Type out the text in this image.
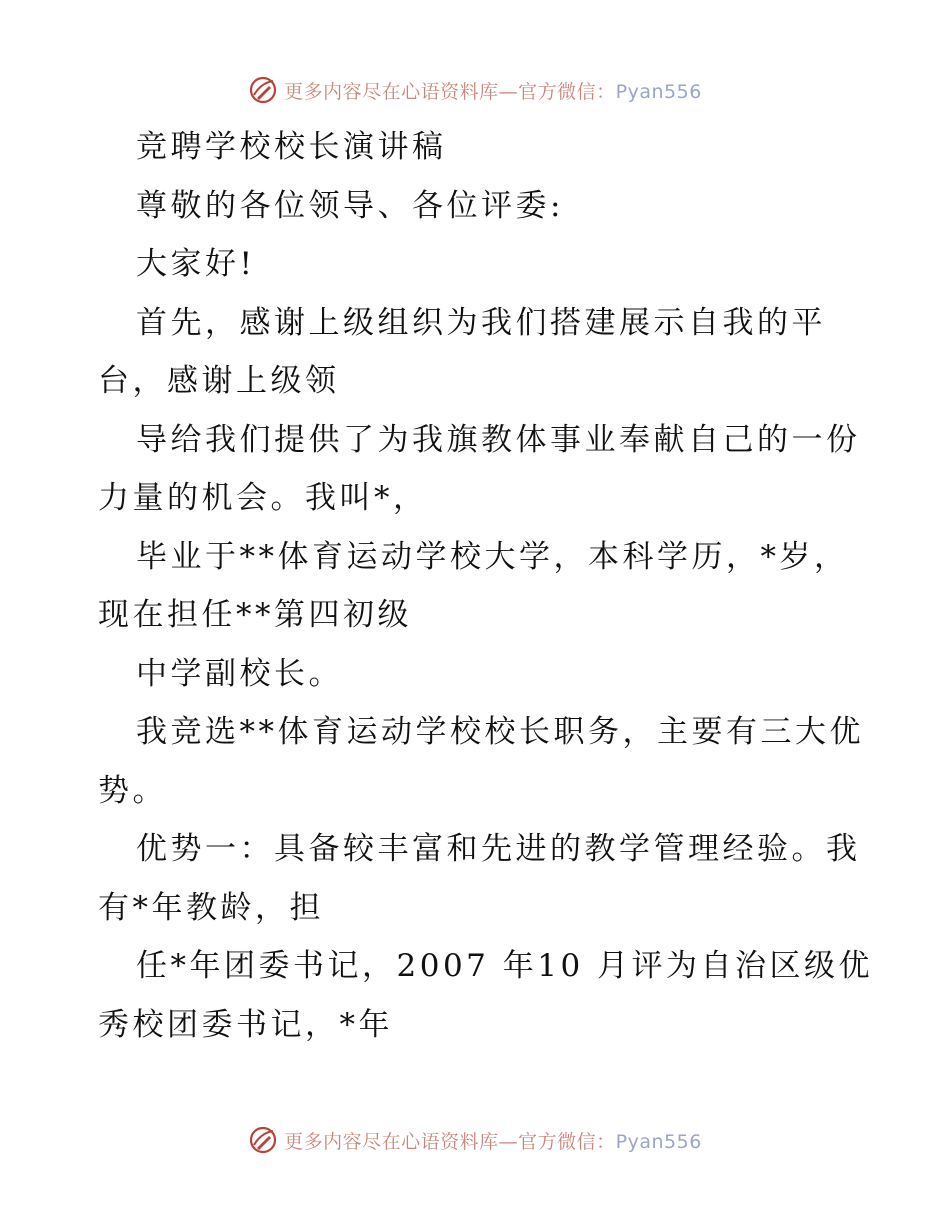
更多内容尽在心语资料库—官方微信：Pyan556

竞聘学校校长演讲稿

尊敬的各位领导、各位评委:

大家好!

首先，感谢上级组织为我们搭建展示自我的平

台，感谢上级领

导给我们提供了为我旗教体事业奉献自己的一份

力量的机会。我叫*，

毕业于**体育运动学校大学，本科学历，*岁，

现在担任**第四初级

中学副校长。

我竞选**体育运动学校校长职务，主要有三大优

势。

优势一：具备较丰富和先进的教学管理经验。我

有*年教龄，担

任*年团委书记，2007 年10 月评为自治区级优

秀校团委书记，*年

更多内容尽在心语资料库—官方微信：Pyan556
